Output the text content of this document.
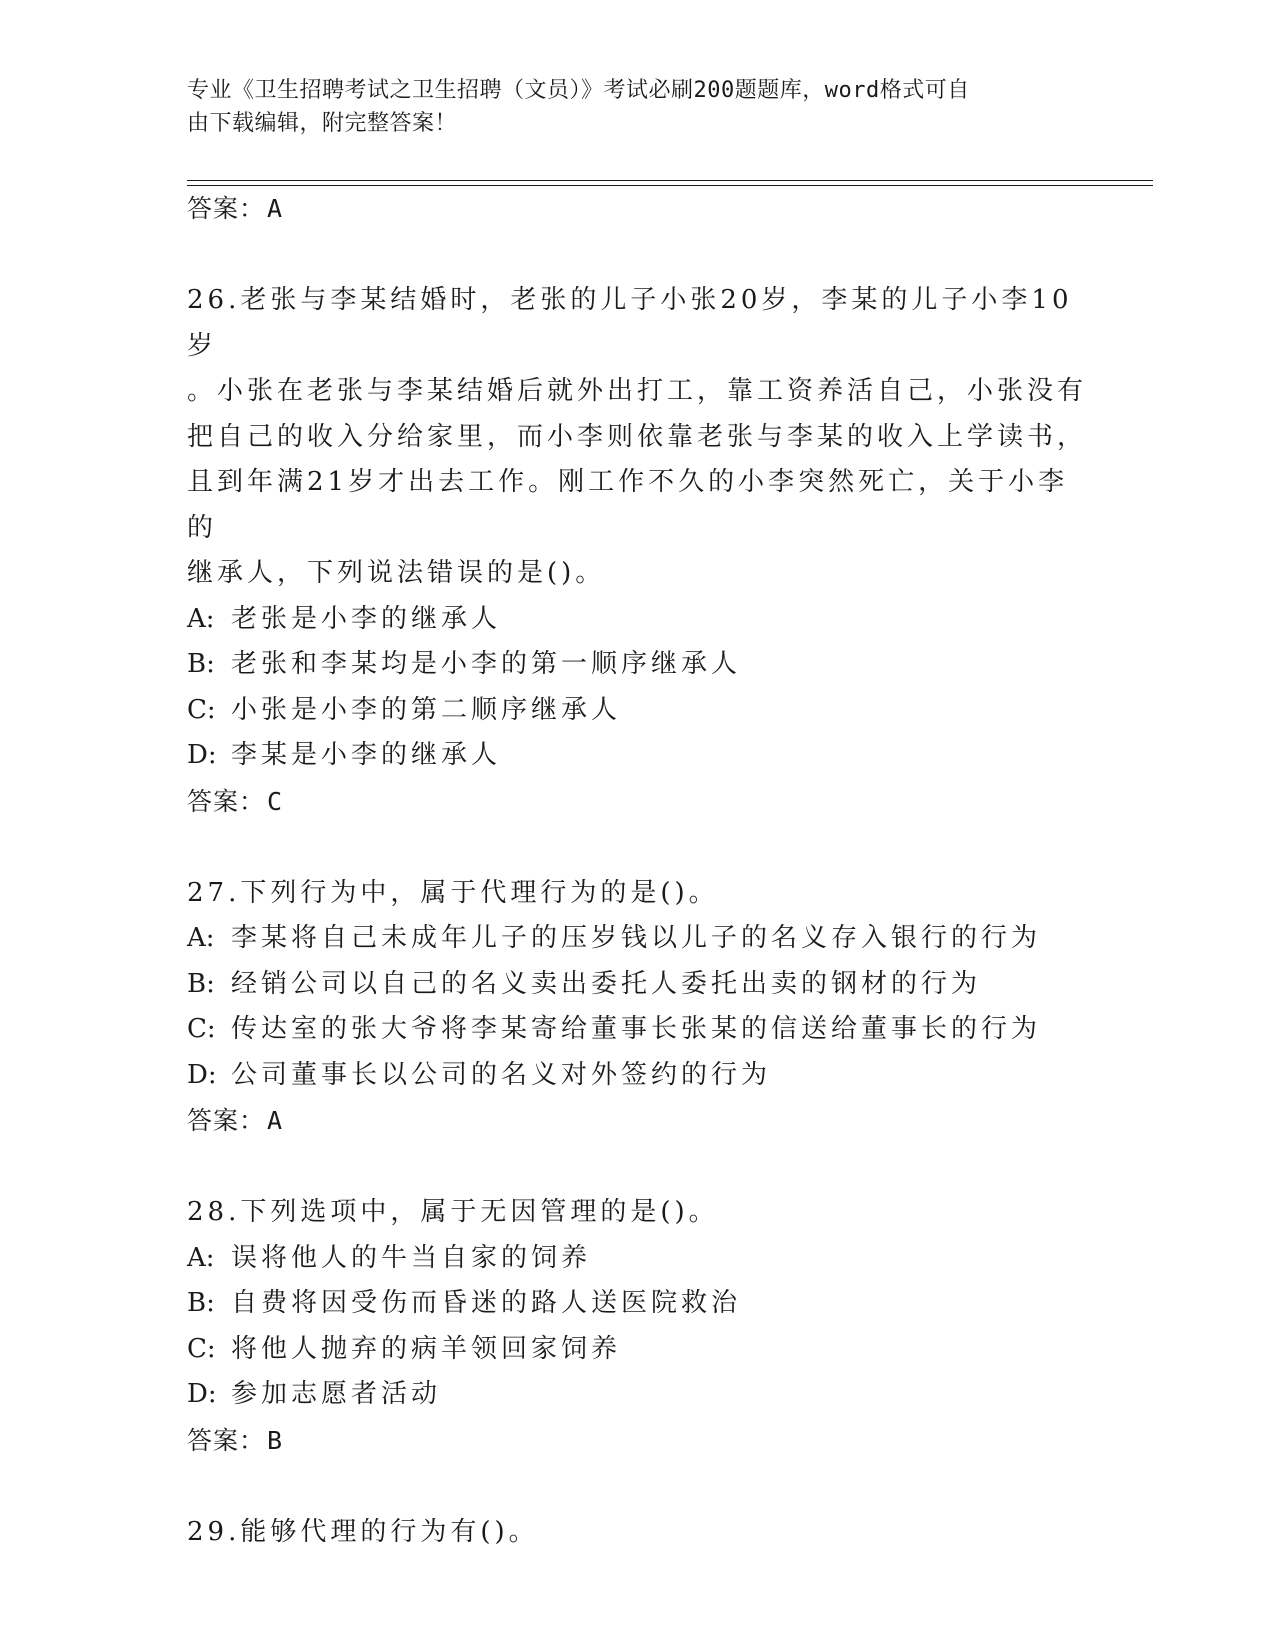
专业《卫生招聘考试之卫生招聘（文员）》考试必刷200题题库，word格式可自
由下载编辑，附完整答案！
答案：A
26.老张与李某结婚时，老张的儿子小张20岁，李某的儿子小李10岁
。小张在老张与李某结婚后就外出打工，靠工资养活自己，小张没有
把自己的收入分给家里，而小李则依靠老张与李某的收入上学读书，
且到年满21岁才出去工作。刚工作不久的小李突然死亡，关于小李的
继承人，下列说法错误的是()。
A: 老张是小李的继承人
B: 老张和李某均是小李的第一顺序继承人
C: 小张是小李的第二顺序继承人
D: 李某是小李的继承人
答案：C
27.下列行为中，属于代理行为的是()。
A: 李某将自己未成年儿子的压岁钱以儿子的名义存入银行的行为
B: 经销公司以自己的名义卖出委托人委托出卖的钢材的行为
C: 传达室的张大爷将李某寄给董事长张某的信送给董事长的行为
D: 公司董事长以公司的名义对外签约的行为
答案：A
28.下列选项中，属于无因管理的是()。
A: 误将他人的牛当自家的饲养
B: 自费将因受伤而昏迷的路人送医院救治
C: 将他人抛弃的病羊领回家饲养
D: 参加志愿者活动
答案：B
29.能够代理的行为有()。
